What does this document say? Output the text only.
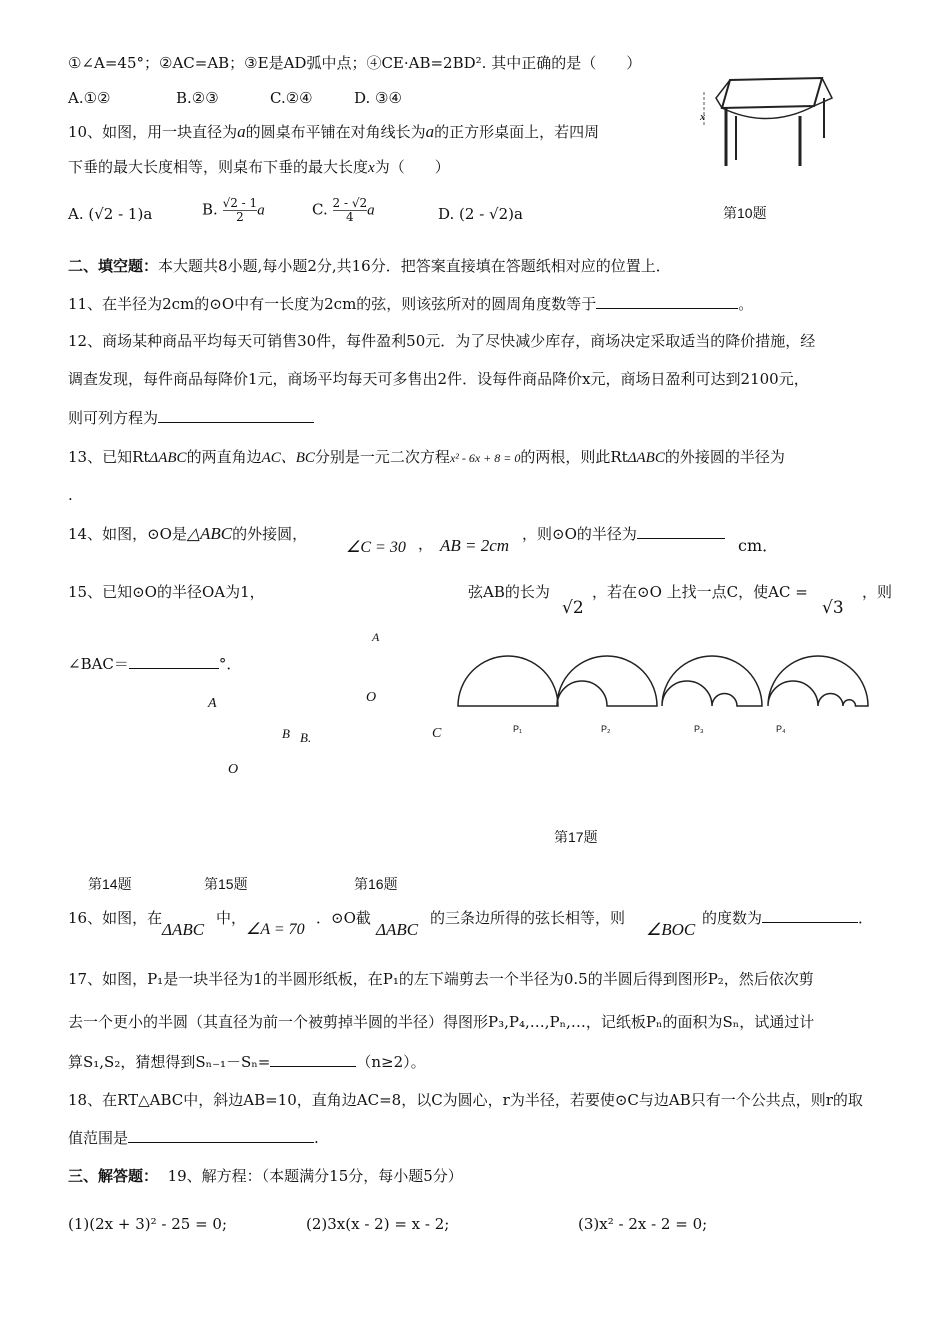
①∠A=45°；②AC=AB；③E是AD弧中点；④CE·AB=2BD². 其中正确的是（　　）
A.①②	B.②③	C.②④	D. ③④
10、如图，用一块直径为a的圆桌布平铺在对角线长为a的正方形桌面上，若四周
下垂的最大长度相等，则桌布下垂的最大长度x为（　　）
A. (√2 - 1)a	B. $\frac{√2 - 1}{2}$ a	C. $\frac{2 - √2}{4}$ a	D. (2 - √2)a	第10题
x
二、填空题：本大题共8小题,每小题2分,共16分．把答案直接填在答题纸相对应的位置上．
11、在半径为2cm的⊙O中有一长度为2cm的弦，则该弦所对的圆周角度数等于	。
12、商场某种商品平均每天可销售30件，每件盈利50元．为了尽快减少库存，商场决定采取适当的降价措施，经
调查发现，每件商品每降价1元，商场平均每天可多售出2件．设每件商品降价x元，商场日盈利可达到2100元，
则可列方程为
13、已知RtΔABC的两直角边AC、BC分别是一元二次方程x² - 6x + 8 = 0的两根，则此RtΔABC的外接圆的半径为
.
14、如图，⊙O是△ABC的外接圆，
∠C = 30 ， AB = 2cm
，则⊙O的半径为
cm．
15、已知⊙O的半径OA为1，	弦AB的长为
√2
，若在⊙O 上找一点C，使AC =
√3
，则
∠BAC＝	°．
A
O
A
B B.	C
O
P₁	P₂	P₃	P₄
第17题
第14题	第15题	第16题
16、如图，在
ΔABC
中，
∠A = 70
．⊙O截
ΔABC
的三条边所得的弦长相等，则
∠BOC
的度数为	．
17、如图，P₁是一块半径为1的半圆形纸板，在P₁的左下端剪去一个半径为0.5的半圆后得到图形P₂，然后依次剪
去一个更小的半圆（其直径为前一个被剪掉半圆的半径）得图形P₃,P₄,…,Pₙ,…，记纸板Pₙ的面积为Sₙ，试通过计
算S₁,S₂，猜想得到Sₙ₋₁－Sₙ=	（n≥2）。
18、在RT△ABC中，斜边AB=10，直角边AC=8，以C为圆心，r为半径，若要使⊙C与边AB只有一个公共点，则r的取
值范围是	.
三、解答题： 19、解方程：（本题满分15分，每小题5分）
(1)(2x + 3)² - 25 = 0;	(2)3x(x - 2) = x - 2;	(3)x² - 2x - 2 = 0;
